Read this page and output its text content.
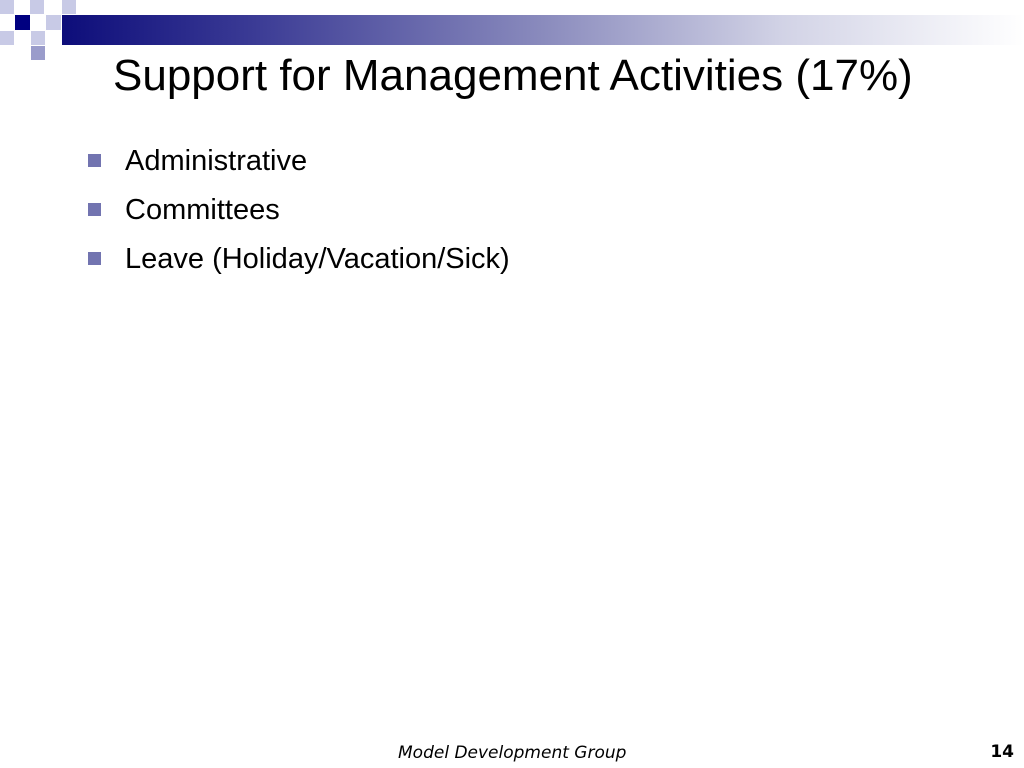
Support for Management Activities (17%)
Administrative
Committees
Leave (Holiday/Vacation/Sick)
Model Development Group	14
